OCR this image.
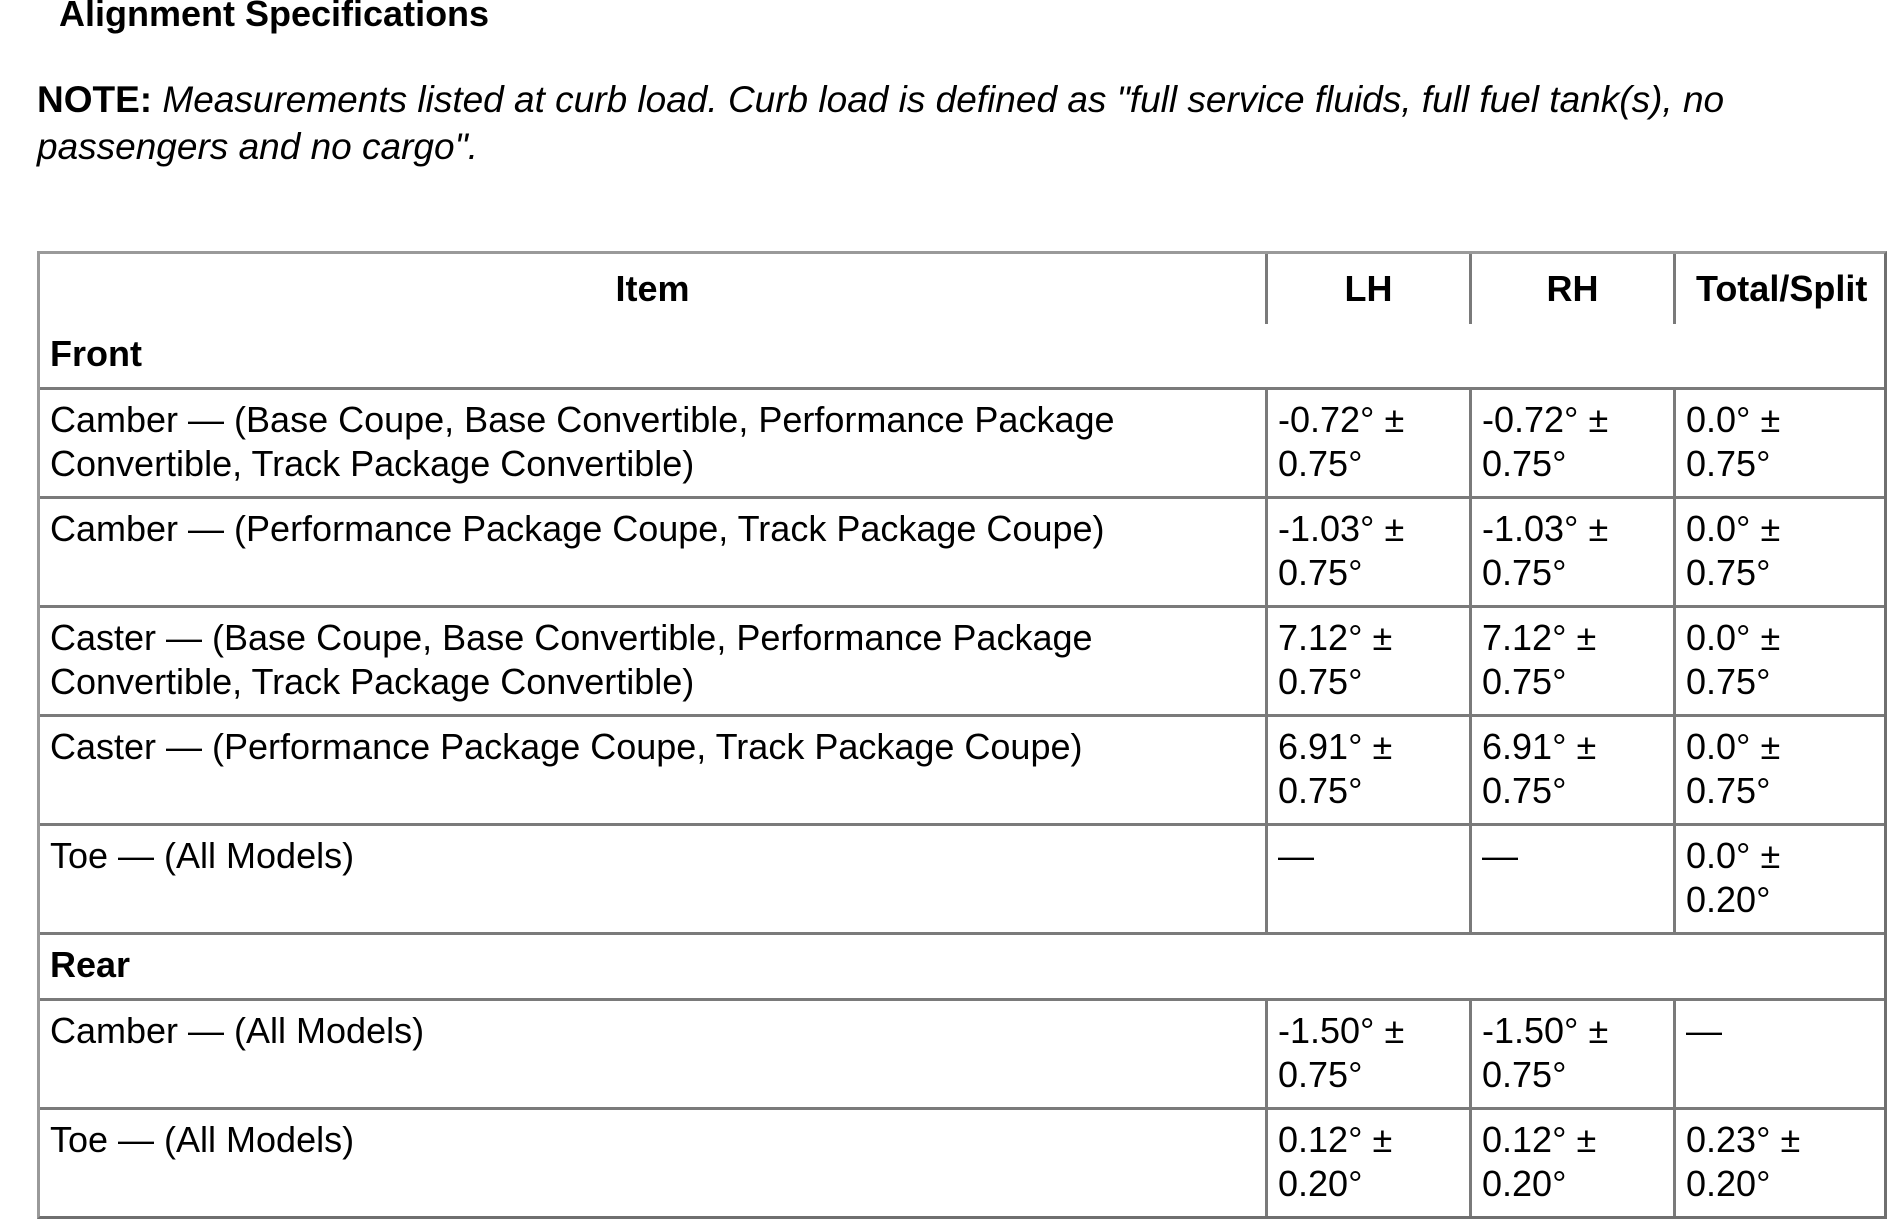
Alignment Specifications
NOTE: Measurements listed at curb load. Curb load is defined as "full service fluids, full fuel tank(s), no passengers and no cargo".
Item	LH	RH	Total/Split
Front			
Camber — (Base Coupe, Base Convertible, Performance Package Convertible, Track Package Convertible)	-0.72° ± 0.75°	-0.72° ± 0.75°	0.0° ± 0.75°
Camber — (Performance Package Coupe, Track Package Coupe)	-1.03° ± 0.75°	-1.03° ± 0.75°	0.0° ± 0.75°
Caster — (Base Coupe, Base Convertible, Performance Package Convertible, Track Package Convertible)	7.12° ± 0.75°	7.12° ± 0.75°	0.0° ± 0.75°
Caster — (Performance Package Coupe, Track Package Coupe)	6.91° ± 0.75°	6.91° ± 0.75°	0.0° ± 0.75°
Toe — (All Models)	—	—	0.0° ± 0.20°
Rear			
Camber — (All Models)	-1.50° ± 0.75°	-1.50° ± 0.75°	—
Toe — (All Models)	0.12° ± 0.20°	0.12° ± 0.20°	0.23° ± 0.20°
